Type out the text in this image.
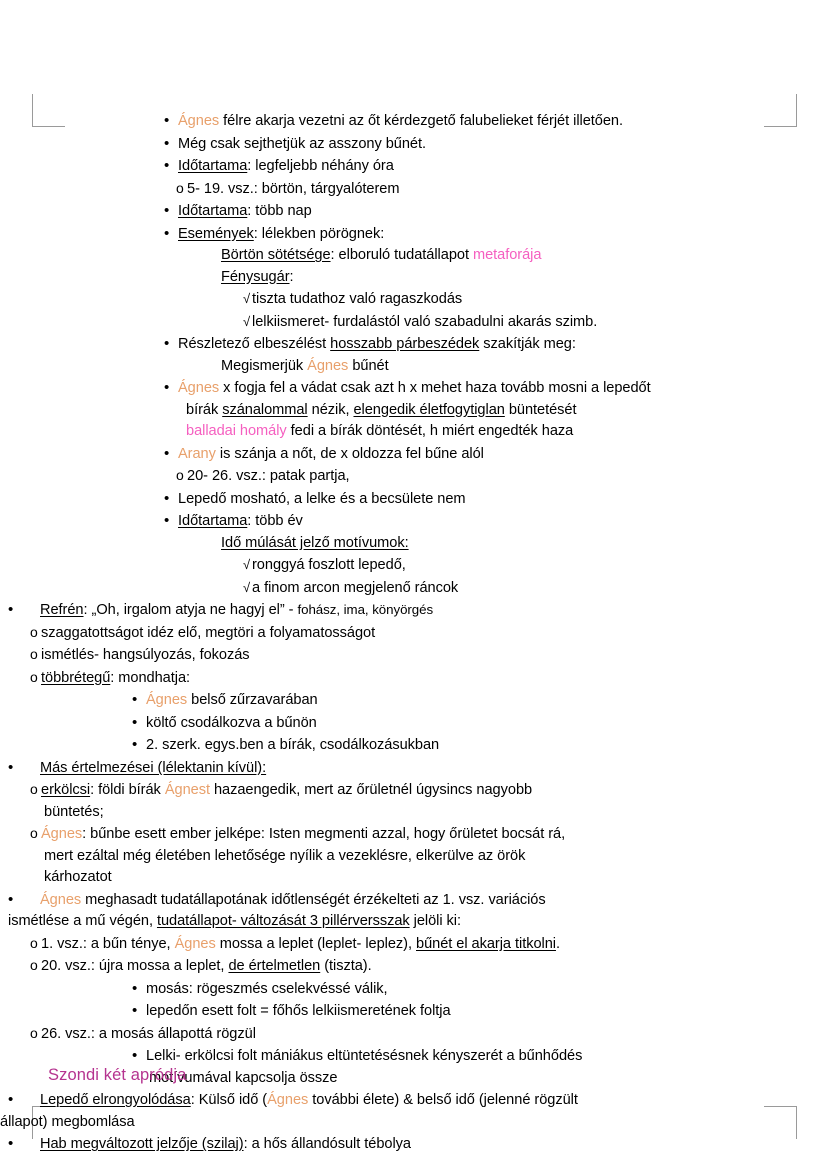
•Ágnes félre akarja vezetni az őt kérdezgető falubelieket férjét illetően.
•Még csak sejthetjük az asszony bűnét.
•Időtartama: legfeljebb néhány óra
o5- 19. vsz.: börtön, tárgyalóterem
•Időtartama: több nap
•Események: lélekben pörögnek:
Börtön sötétsége: elboruló tudatállapot metaforája
Fénysugár:
√tiszta tudathoz való ragaszkodás
√lelkiismeret- furdalástól való szabadulni akarás szimb.
•Részletező elbeszélést hosszabb párbeszédek szakítják meg:
Megismerjük Ágnes bűnét
•Ágnes x fogja fel a vádat csak azt h x mehet haza tovább mosni a lepedőt
bírák szánalommal nézik, elengedik életfogytiglan büntetését
balladai homály fedi a bírák döntését, h miért engedték haza
•Arany is szánja a nőt, de x oldozza fel bűne alól
o20- 26. vsz.: patak partja,
•Lepedő mosható, a lelke és a becsülete nem
•Időtartama: több év
Idő múlását jelző motívumok:
√ronggyá foszlott lepedő,
√a finom arcon megjelenő ráncok
•Refrén: „Oh, irgalom atyja ne hagyj el” - fohász, ima, könyörgés
oszaggatottságot idéz elő, megtöri a folyamatosságot
oismétlés- hangsúlyozás, fokozás
otöbbrétegű: mondhatja:
•Ágnes belső zűrzavarában
•költő csodálkozva a bűnön
•2. szerk. egys.ben a bírák, csodálkozásukban
•Más értelmezései (lélektanin kívül):
oerkölcsi: földi bírák Ágnest hazaengedik, mert az őrületnél úgysincs nagyobb
büntetés;
oÁgnes: bűnbe esett ember jelképe: Isten megmenti azzal, hogy őrületet bocsát rá,
mert ezáltal még életében lehetősége nyílik a vezeklésre, elkerülve az örök
kárhozatot
•Ágnes meghasadt tudatállapotának időtlenségét érzékelteti az 1. vsz. variációs
ismétlése a mű végén, tudatállapot- változását 3 pillérversszak jelöli ki:
o1. vsz.: a bűn ténye, Ágnes mossa a leplet (leplet- leplez), bűnét el akarja titkolni.
o20. vsz.: újra mossa a leplet, de értelmetlen (tiszta).
•mosás: rögeszmés cselekvéssé válik,
•lepedőn esett folt = főhős lelkiismeretének foltja
o26. vsz.: a mosás állapottá rögzül
•Lelki- erkölcsi folt mániákus eltüntetésésnek kényszerét a bűnhődés
motívumával kapcsolja össze
•Lepedő elrongyolódása: Külső idő (Ágnes további élete) & belső idő (jelenné rögzült
állapot) megbomlása
•Hab megváltozott jelzője (szilaj): a hős állandósult tébolya
Szondi két apródja
